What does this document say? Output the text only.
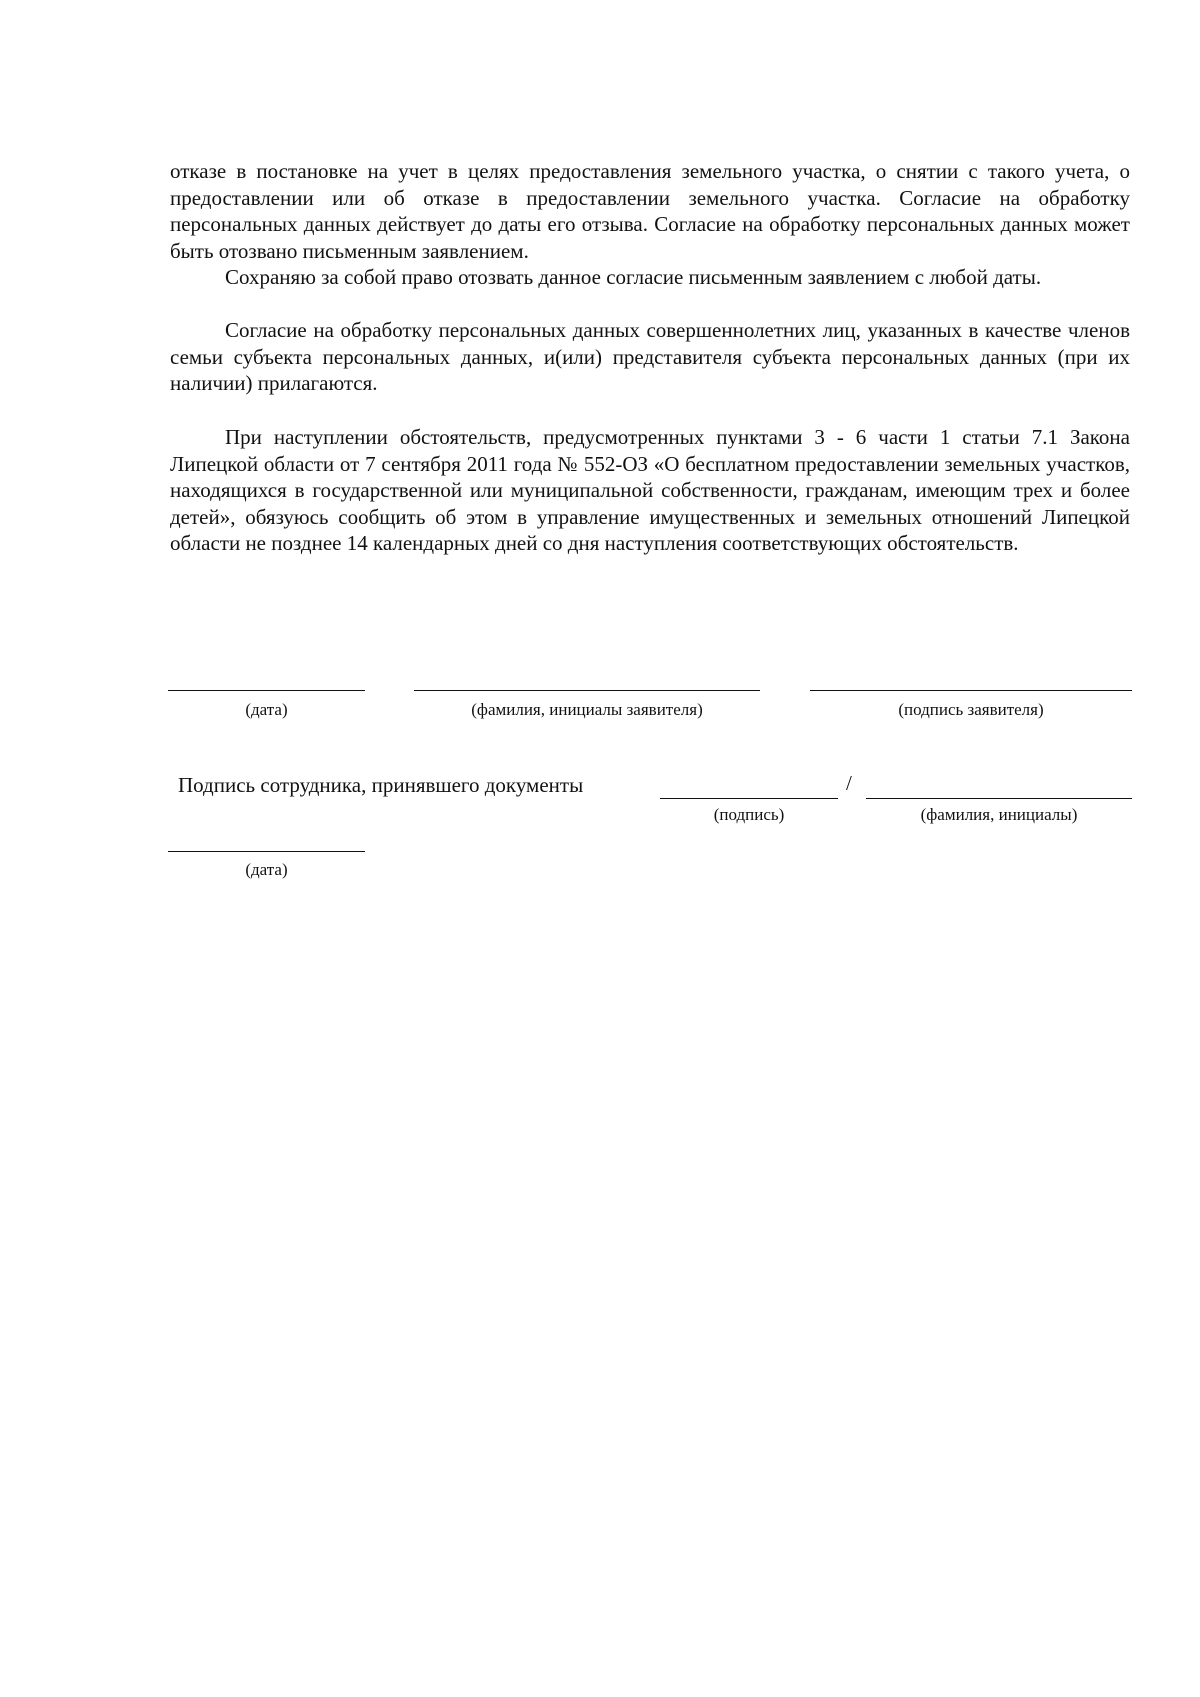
отказе в постановке на учет в целях предоставления земельного участка, о снятии с такого учета, о предоставлении или об отказе в предоставлении земельного участка. Согласие на обработку персональных данных действует до даты его отзыва. Согласие на обработку персональных данных может быть отозвано письменным заявлением.

Сохраняю за собой право отозвать данное согласие письменным заявлением с любой даты.

Согласие на обработку персональных данных совершеннолетних лиц, указанных в качестве членов семьи субъекта персональных данных, и(или) представителя субъекта персональных данных (при их наличии) прилагаются.

При наступлении обстоятельств, предусмотренных пунктами 3 - 6 части 1 статьи 7.1 Закона Липецкой области от 7 сентября 2011 года № 552-ОЗ «О бесплатном предоставлении земельных участков, находящихся в государственной или муниципальной собственности, гражданам, имеющим трех и более детей», обязуюсь сообщить об этом в управление имущественных и земельных отношений Липецкой области не позднее 14 календарных дней со дня наступления соответствующих обстоятельств.

(дата)	(фамилия, инициалы заявителя)	(подпись заявителя)
Подпись сотрудника, принявшего документы
(подпись)
/
(фамилия, инициалы)
(дата)
